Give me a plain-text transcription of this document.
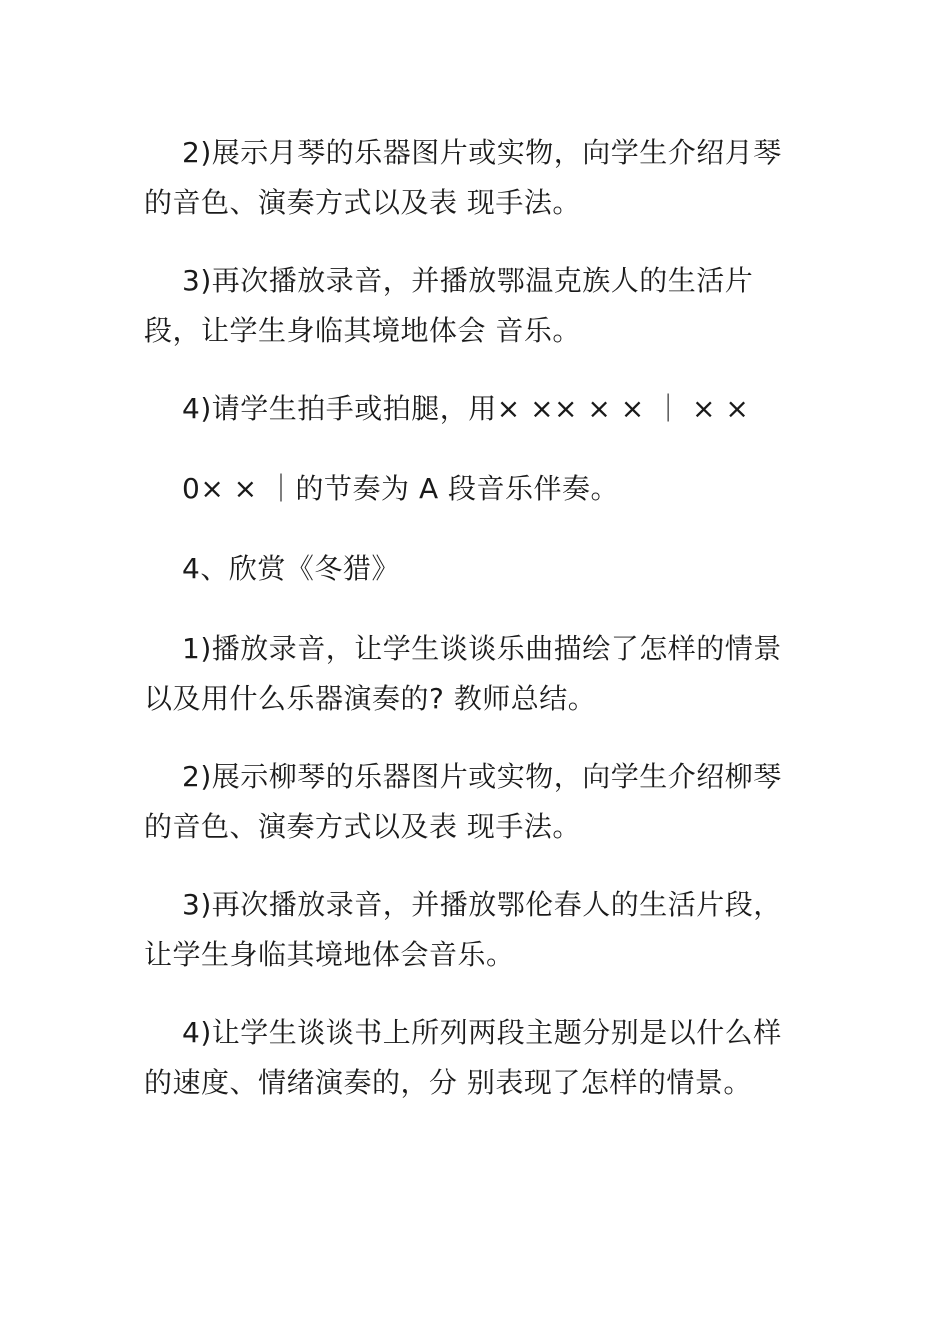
2)展示月琴的乐器图片或实物，向学生介绍月琴的音色、演奏方式以及表 现手法。

3)再次播放录音，并播放鄂温克族人的生活片段，让学生身临其境地体会 音乐。

4)请学生拍手或拍腿，用× ×× × × ｜ × ×

0× × ｜的节奏为 A 段音乐伴奏。

4、欣赏《冬猎》

1)播放录音，让学生谈谈乐曲描绘了怎样的情景以及用什么乐器演奏的? 教师总结。

2)展示柳琴的乐器图片或实物，向学生介绍柳琴的音色、演奏方式以及表 现手法。

3)再次播放录音，并播放鄂伦春人的生活片段，让学生身临其境地体会音乐。

4)让学生谈谈书上所列两段主题分别是以什么样的速度、情绪演奏的，分 别表现了怎样的情景。
